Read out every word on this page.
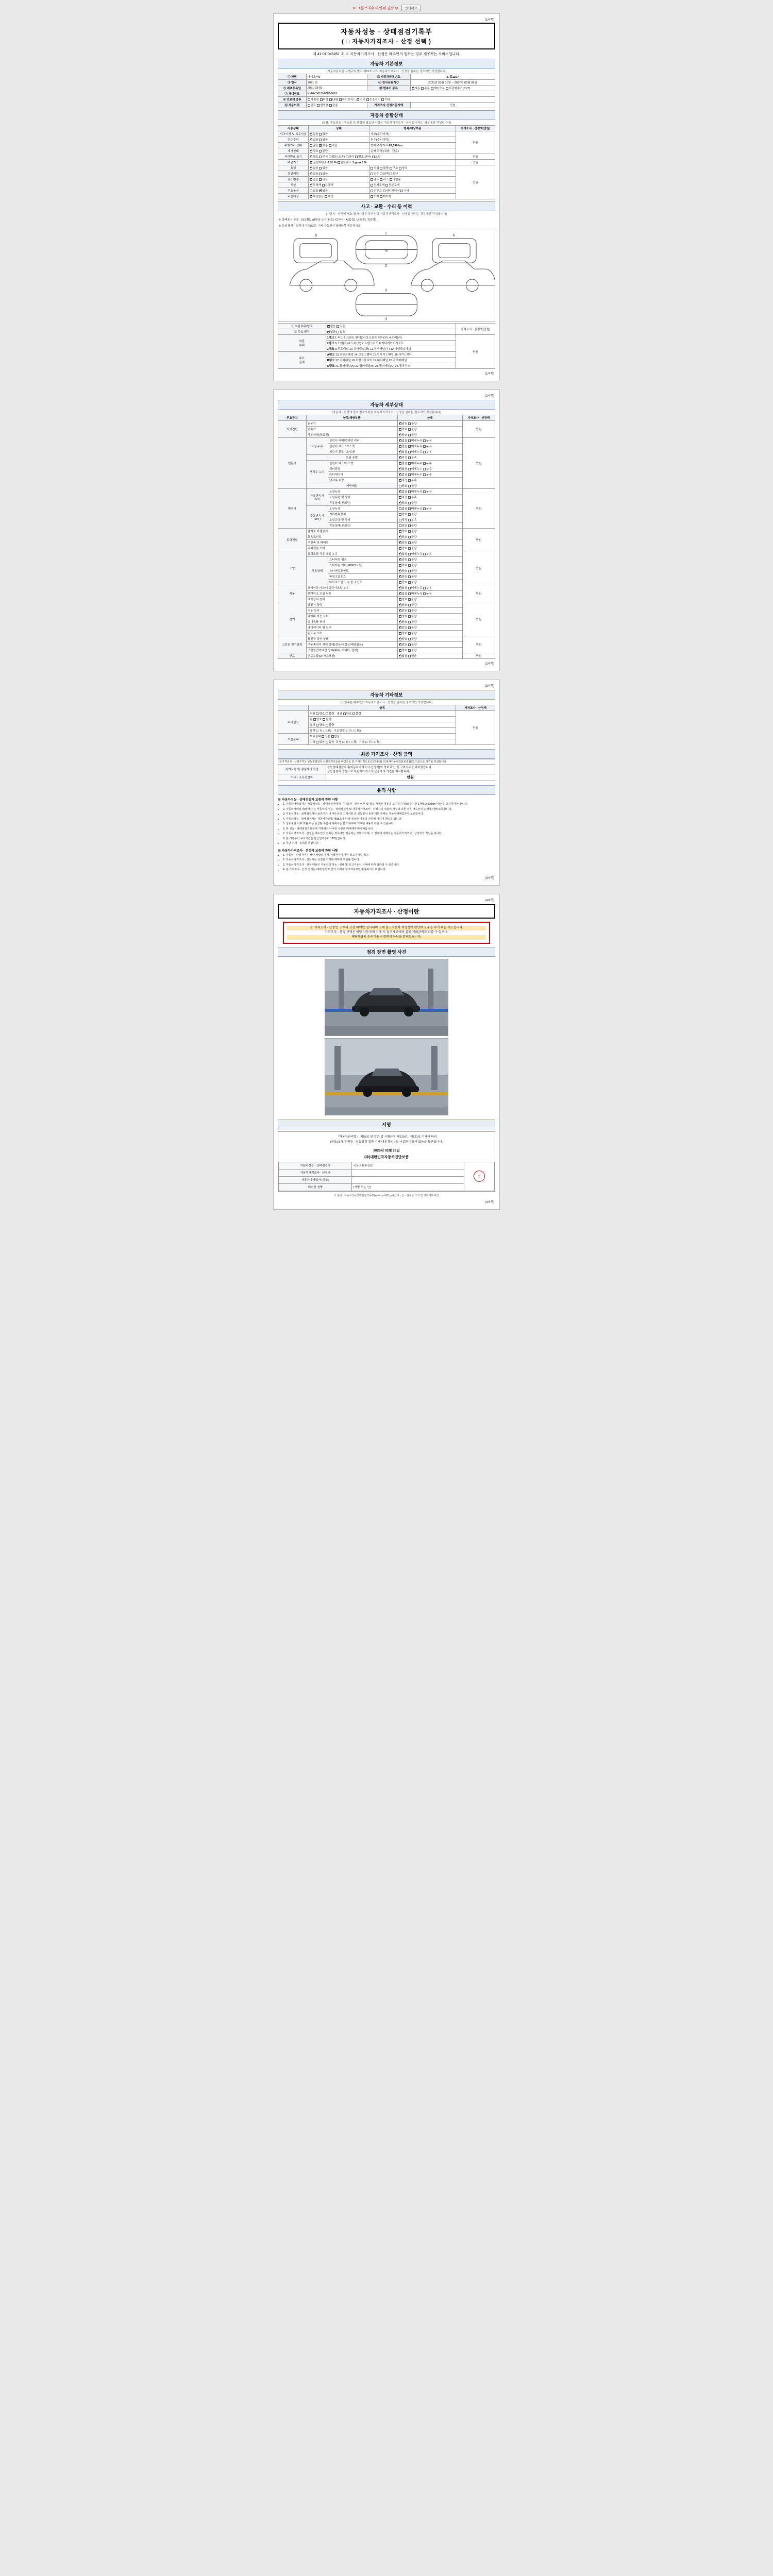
＊ 크롬브라우저 인쇄 권장 ＊	인쇄하기
(1/4쪽)
자동차성능 · 상태점검기록부
( □ 자동차가격조사 · 산정 선택 )
제 41-01-045851 호 ※ 자동차가격조사 · 산정은 매수인의 원하는 경우 제공하는 서비스입니다.
자동차 기본정보
(자동차관리법 시행규칙 별지 제82호 서식 자동차가격조사 · 산정을 원하는 경우에만 작성합니다)
① 차명	아이오닉5	② 자동차등록번호	27로1197
③ 연식	2021 년	④ 검사유효기간	2023년 03월 10일 ~ 2027년 03월 09일
⑤ 최초등록일	2021-03-02	⑩ 변속기 종류	✔자동 수동 세미오토 무단변속기(CVT)
⑦ 차대번호	KMHK5810MMU56618		
⑥ 연료의 종류	가솔린 디젤 LPG 하이브리드 ✔ 전기 수소전기 기타
⑪ 사용이력	렌트 영업용 관용	가격조사·산정기준가액	만원
자동차 종합상태
(부품, 주요골조 · 구조물 등 산정에 필요한 사항은 자동차가격조사 · 산정을 원하는 경우에만 작성합니다)
사용상태	상태	항목/해당부품	가격조사 · 산정액(만원)
사고이력 및 특수사용	✔없음 있음	사고(수리이력)	만원
단순수리	✔없음 있음	침수(수리이력)	
주행거리 상태	많음 ✔ 보통 적음	현재 주행거리 89,699 km	
계기상태	✔양호 불량	실제 주행 (교환 · 단순)	
차대번호 표기	✔양호 부식 훼손(오손) 상이 변조(변타) 도말		만원
배출가스	✔일산화탄소 0.01 % 탄화수소 1 ppm 0 %		만원
튜닝	✔없음 있음	적법 불법 구조 장치	만원
특별이력	✔없음 있음	침수 화재 도난	
용도변경	✔없음 있음	렌트 리스 영업용	
색상	✔무채색 유채색	전체도색 부분도색	
주요옵션	없음 ✔ 있음	선루프 내비게이션 기타	
리콜대상	✔해당없음 해당	이행 미이행	
사고 · 교환 · 수리 등 이력
(자동차 · 산정에 필요 별지사항은 등산인의 자동차가격조사 · 산정을 원하는 경우에만 작성합니다)
※ 상태표시 부호 : X(교환), W(판금 또는 용접), C(부식), A(흠집), U(요철), T(손상)
※ 유의 탈착 · 설치가 기준(X)은, 기타 가능한지 상태항목 권유하시오
1
2
3
4
5	6
M
① 외판부위/랭크	✔없음 있음	가격조사 · 산정액(만원)
② 주요 골격	✔없음 있음
외판
부위	1랭크 1.후드 2.프론트 펜더(좌) 3.프론트 펜더(우) 4.도어(좌)	만원
	2랭크 5.도어(좌) 6.도어(우) 7.트렁크리드 8.라디에이터서포트	
	3랭크 9.루프패널 10.쿼터패널(좌) 11.쿼터패널(우) 12.사이드실패널	
주요
골격	A랭크 13.프론트패널 14.크로스멤버 15.인사이드패널 16.사이드멤버	
	B랭크 17.리어패널 18.트렁크플로어 19.대쉬패널 20.플로어패널	
	C랭크 21.필러패널(A) 22.필러패널(B) 23.필러패널(C) 24.휠하우스	
(1/4쪽)
(2/4쪽)
자동차 세부상태
(자동차 · 산정에 필요 별지사항은 자동차가격조사 · 산정을 원하는 경우에만 작성합니다)
주요장치	항목/해당부품		상태	가격조사 · 산정액
자기진단	원동기	✔양호 불량	만원
	변속기	✔양호 불량
	작동상태(공회전)	✔양호 불량
원동기	오일 누유	실린더 커버/로커암 커버	✔없음 미세누유 누유	만원
		실린더 헤드 / 가스켓	✔없음 미세누유 누유
		실린더 블록 / 오일팬	✔없음 미세누유 누유
	오일 유량	✔적정 부족
	냉각수 누수	실린더 헤드/가스켓	✔없음 미세누수 누수
		워터펌프	✔없음 미세누수 누수
		라디에이터	✔없음 미세누수 누수
		냉각수 수량	✔적정 부족
	커먼레일		양호 불량	
변속기	자동변속기 (A/T)	오일누유	✔없음 미세누유 누유	만원
		오일유량 및 상태	✔적정 부족
		작동상태(공회전)	✔양호 불량
	수동변속기 (M/T)	오일누유	없음 미세누유 누유	
		기어변속장치	양호 불량	
		오일유량 및 상태	적정 부족	
		작동상태(공회전)	양호 불량	
동력전달	클러치 어셈블리	✔양호 불량	만원
	등속죠인트	✔양호 불량
	추진축 및 베어링	✔양호 불량
	디퍼렌셜 기어	✔양호 불량
조향	동력조향 작동 오일 누유	✔없음 미세누유 누유	만원
	작동상태	스티어링 펌프	✔양호 불량
		스티어링 기어(MDPS포함)	✔양호 불량
		스티어링조인트	✔양호 불량
		파워고압호스	✔양호 불량
		타이로드엔드 및 볼 조인트	✔양호 불량
제동	브레이크 마스터 실린더오일 누유	✔없음 미세누유 누유	만원
	브레이크 오일 누유	✔없음 미세누유 누유
	배력장치 상태	✔양호 불량
전기	발전기 출력	✔양호 불량	만원
	시동 모터	✔양호 불량
	와이퍼 기능 모터	✔양호 불량
	실내송풍 모터	✔양호 불량
	라디에이터 팬 모터	✔양호 불량
	윈도우 모터	✔양호 불량
고전원 전기장치	충전구 절연 상태	✔양호 불량	만원
	구동축전지 격리 상태(정상/비정상/해당없음)	✔양호 불량
	고전원전기배선 상태(피복, 커넥터, 접지)	✔양호 불량
연료	연료누출(LP가스포함)	✔없음 있음	만원
(2/4쪽)
(3/4쪽)
자동차 기타정보
(①항목은 매수인이 자동차가격조사 · 산정을 원하는 경우에만 작성합니다)
	항목	가격조사 · 산정액
수리필요	외판 양호 불량 내관 양호 불량	만원
	휠 양호 불량	
	유리 양호 불량	
	광택 (□ 有 / □ 無) 구조변경 (□ 有 / □ 無)	
기본품목	보유상태 있음 없음	
	기타 있음 없음 튜닝 (□ 有 / □ 無) 기타 (□ 有 / □ 無)	
최종 가격조사 · 산정 금액
①가격조사 · 산정가격은 성능점검일의 차량가격기준을 바탕으로 한 가격가격으로 (☐가솔린) (☐현재자동차진단보증협회) 기준으로 가격을 작성합니다	
특기사항 및 점검자의 의견	성능상태점검자의(자동차가격조사·산정자)의 정보 확인 및 고지의무를 다하였습니다.
성능점검에 중심으로 자동차가격조사·산정자의 의견을 제시합니다.

가격 · 조사산정자	만원
유의 사항
※ 자동차성능 · 상태점검자 보증에 관한 사항
• 1. 자동차매매업자는 자동차성능 · 상태점검자에게 「자동차 · 산정 여부 및 성능 기재한 내용을 고지하기 위(보증기간 1개월/2,000km 이상)을 고지하여야 합니다.
• 2. 자동차매매업자(매매자)는 자동차의 성능 · 상태점검자 및 자동차가격조사 · 산정자의 내용이 사실과 다른 경우 매수인의 손해에 대해 보증합니다.
• 3. 자동차성능 · 상태점검자의 보증기간 내 매수인의 고지사항 외 성능장치 등에 대한 손해는 자동차매매업자가 보증합니다.
• 4. 자동차성능 · 상태점검자는 자동차관리법 제58조에 따라 점검한 내용의 진위에 대하여 책임을 집니다.
• 5. 성능점검 이후 교환 또는 손상된 부품에 대해서는 본 기록부에 기재된 내용과 다를 수 있습니다.
• 6. 본 성능 · 상태점검기록부에 기재되지 아니한 사항은 매매계약서에 따릅니다.
• 7. 자동차가격조사 · 산정은 매수인이 원하는 경우에만 제공되는 서비스이며, 그 결과에 대해서는 자동차가격조사 · 산정자가 책임을 집니다.
• 8. 본 기록부의 유효기간은 발급일로부터 120일입니다.
• 9. 무단 전재 · 복제를 금합니다.
※ 자동차가격조사 · 산정자 보증에 관한 사항
• 1. 자동차 · 산정가격은 해당 차량의 실제 거래가격이 아닌 참고가격입니다.
• 2. 자동차가격조사 · 산정자는 산정한 가격에 대하여 책임을 집니다.
• 3. 자동차가격조사 · 산정 내용은 자동차의 성능 · 상태 및 중고자동차 시세에 따라 달라질 수 있습니다.
• 4. 본 가격조사 · 산정 결과는 매매 당사자 간의 거래에 참고자료로만 활용하시기 바랍니다.
(3/4쪽)
(4/4쪽)
자동차가격조사 · 산정이란
※ '가격조사 · 산정'은 고객의 요청 하에만 실시되며 그에 중고자동차 적정성에 판단에 도움을 주기 위한 제도입니다.
가격조사 · 산정 금액은 해당 자동차의 거래 시 참고자료이며 실제 거래금액과 다를 수 있으며,
해당차량의 수리비용 산정액이 아님을 알려드립니다.
점검 장면 촬영 사진
서명
「자동차관리법」 제58조 및 같은 법 시행규칙 제120조 · 제121조 기재에 따라
(구조/교체/수리등 · 성능점검 결과 기재 내용 확인) 을 사실과 다름이 없음을 확인합니다.
2026년 02월 26일
(주)대한민국자동차진단보증
자동차성능 · 상태점검자	국토교통부장관	인
자동차가격조사 · 산정자		
자동차매매업자 (상호)		
매수인 성명	(서명 또는 인)	
※ 본사 : 자동차성능상태점검기록부(www.car365.go.kr) 자 · 산 · 검록물 조회 및 진위여부 확인
(4/4쪽)
